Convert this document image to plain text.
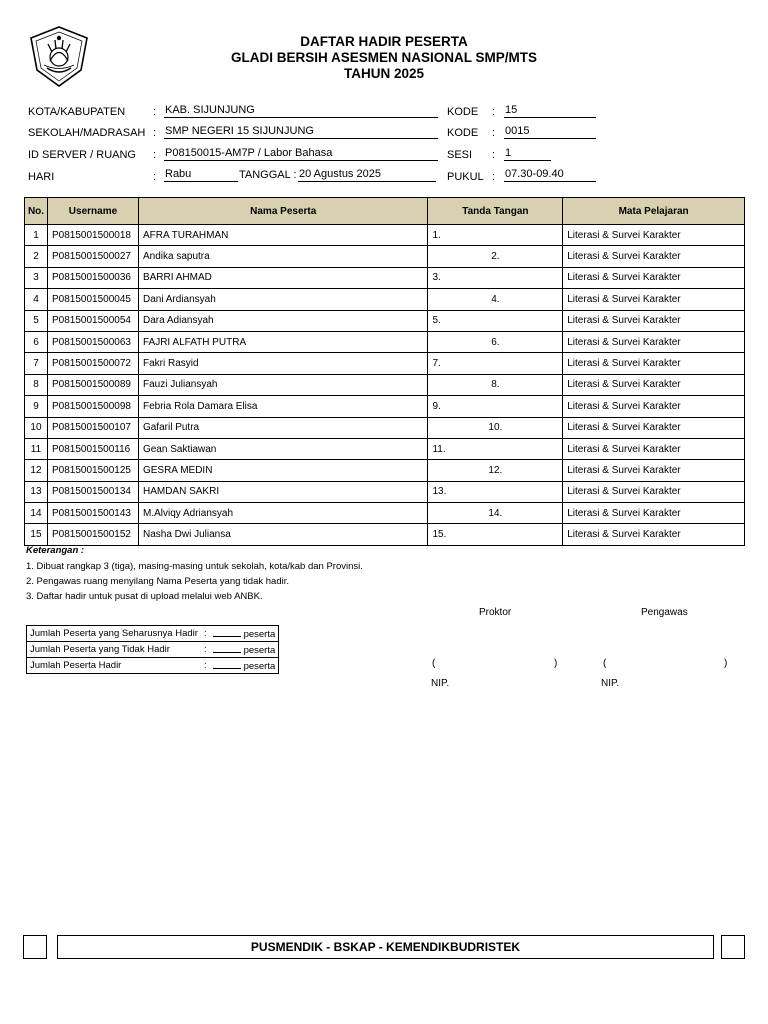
DAFTAR HADIR PESERTA
GLADI BERSIH ASESMEN NASIONAL SMP/MTS
TAHUN 2025
KOTA/KABUPATEN	: KAB. SIJUNJUNG
SEKOLAH/MADRASAH : SMP NEGERI 15 SIJUNJUNG
ID SERVER / RUANG : P08150015-AM7P / Labor Bahasa
HARI	: Rabu	TANGGAL : 20 Agustus 2025
KODE : 15
KODE : 0015
SESI : 1
PUKUL : 07.30-09.40
No.	Username	Nama Peserta	Tanda Tangan	Mata Pelajaran
1	P0815001500018	AFRA TURAHMAN	1.	Literasi & Survei Karakter
2	P0815001500027	Andika saputra	2.	Literasi & Survei Karakter
3	P0815001500036	BARRI AHMAD	3.	Literasi & Survei Karakter
4	P0815001500045	Dani Ardiansyah	4.	Literasi & Survei Karakter
5	P0815001500054	Dara Adiansyah	5.	Literasi & Survei Karakter
6	P0815001500063	FAJRI ALFATH PUTRA	6.	Literasi & Survei Karakter
7	P0815001500072	Fakri Rasyid	7.	Literasi & Survei Karakter
8	P0815001500089	Fauzi Juliansyah	8.	Literasi & Survei Karakter
9	P0815001500098	Febria Rola Damara Elisa	9.	Literasi & Survei Karakter
10	P0815001500107	Gafaril Putra	10.	Literasi & Survei Karakter
11	P0815001500116	Gean Saktiawan	11.	Literasi & Survei Karakter
12	P0815001500125	GESRA MEDIN	12.	Literasi & Survei Karakter
13	P0815001500134	HAMDAN SAKRI	13.	Literasi & Survei Karakter
14	P0815001500143	M.Alviqy Adriansyah	14.	Literasi & Survei Karakter
15	P0815001500152	Nasha Dwi Juliansa	15.	Literasi & Survei Karakter
Keterangan :
1. Dibuat rangkap 3 (tiga), masing-masing untuk sekolah, kota/kab dan Provinsi.
2. Pengawas ruang menyilang Nama Peserta yang tidak hadir.
3. Daftar hadir untuk pusat di upload melalui web ANBK.
Proktor	Pengawas
Jumlah Peserta yang Seharusnya Hadir	:	peserta
Jumlah Peserta yang Tidak Hadir	:	peserta
Jumlah Peserta Hadir	:	peserta	(	)	(	)
NIP.	NIP.
PUSMENDIK - BSKAP - KEMENDIKBUDRISTEK
